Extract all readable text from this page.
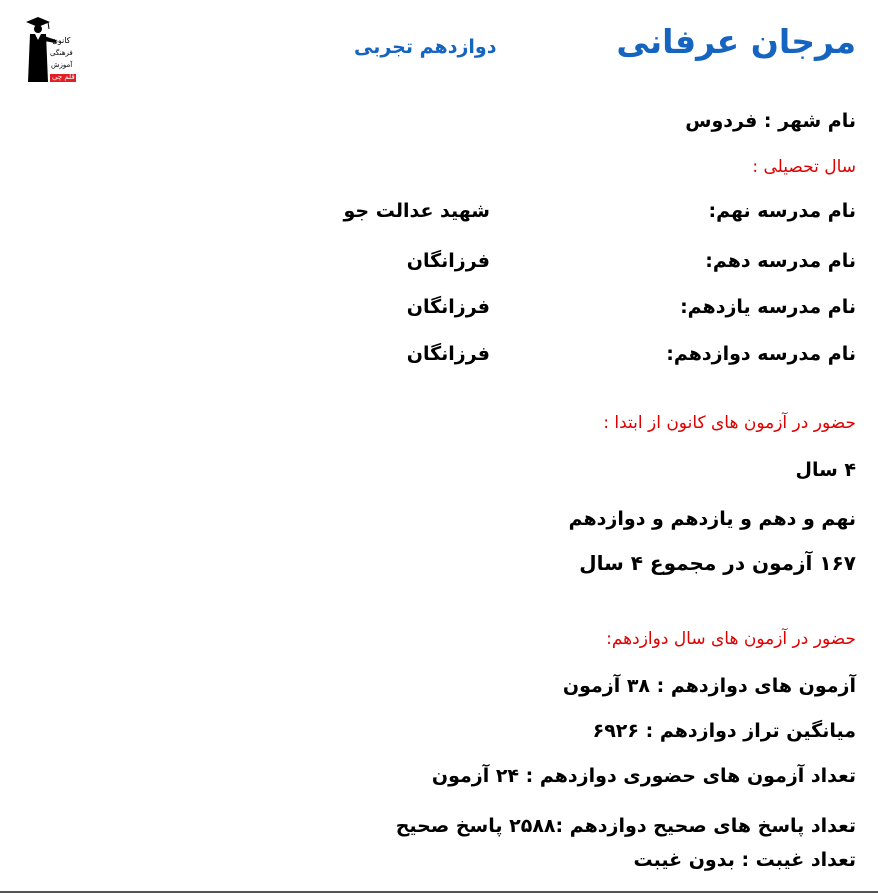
کانون
فرهنگی
آموزش
قلم چی
مرجان عرفانی
دوازدهم تجربی
نام شهر : فردوس
سال تحصیلی :
نام مدرسه نهم:
شهید عدالت جو
نام مدرسه دهم:
فرزانگان
نام مدرسه یازدهم:
فرزانگان
نام مدرسه دوازدهم:
فرزانگان
حضور در آزمون های کانون از ابتدا :
۴ سال
نهم و دهم و یازدهم و دوازدهم
۱۶۷ آزمون در مجموع ۴ سال
حضور در آزمون های سال دوازدهم:
آزمون های دوازدهم : ۳۸ آزمون
میانگین تراز دوازدهم : ۶۹۲۶
تعداد آزمون های حضوری دوازدهم : ۲۴ آزمون
تعداد پاسخ های صحیح دوازدهم :۲۵۸۸ پاسخ صحیح
تعداد غیبت : بدون غیبت
